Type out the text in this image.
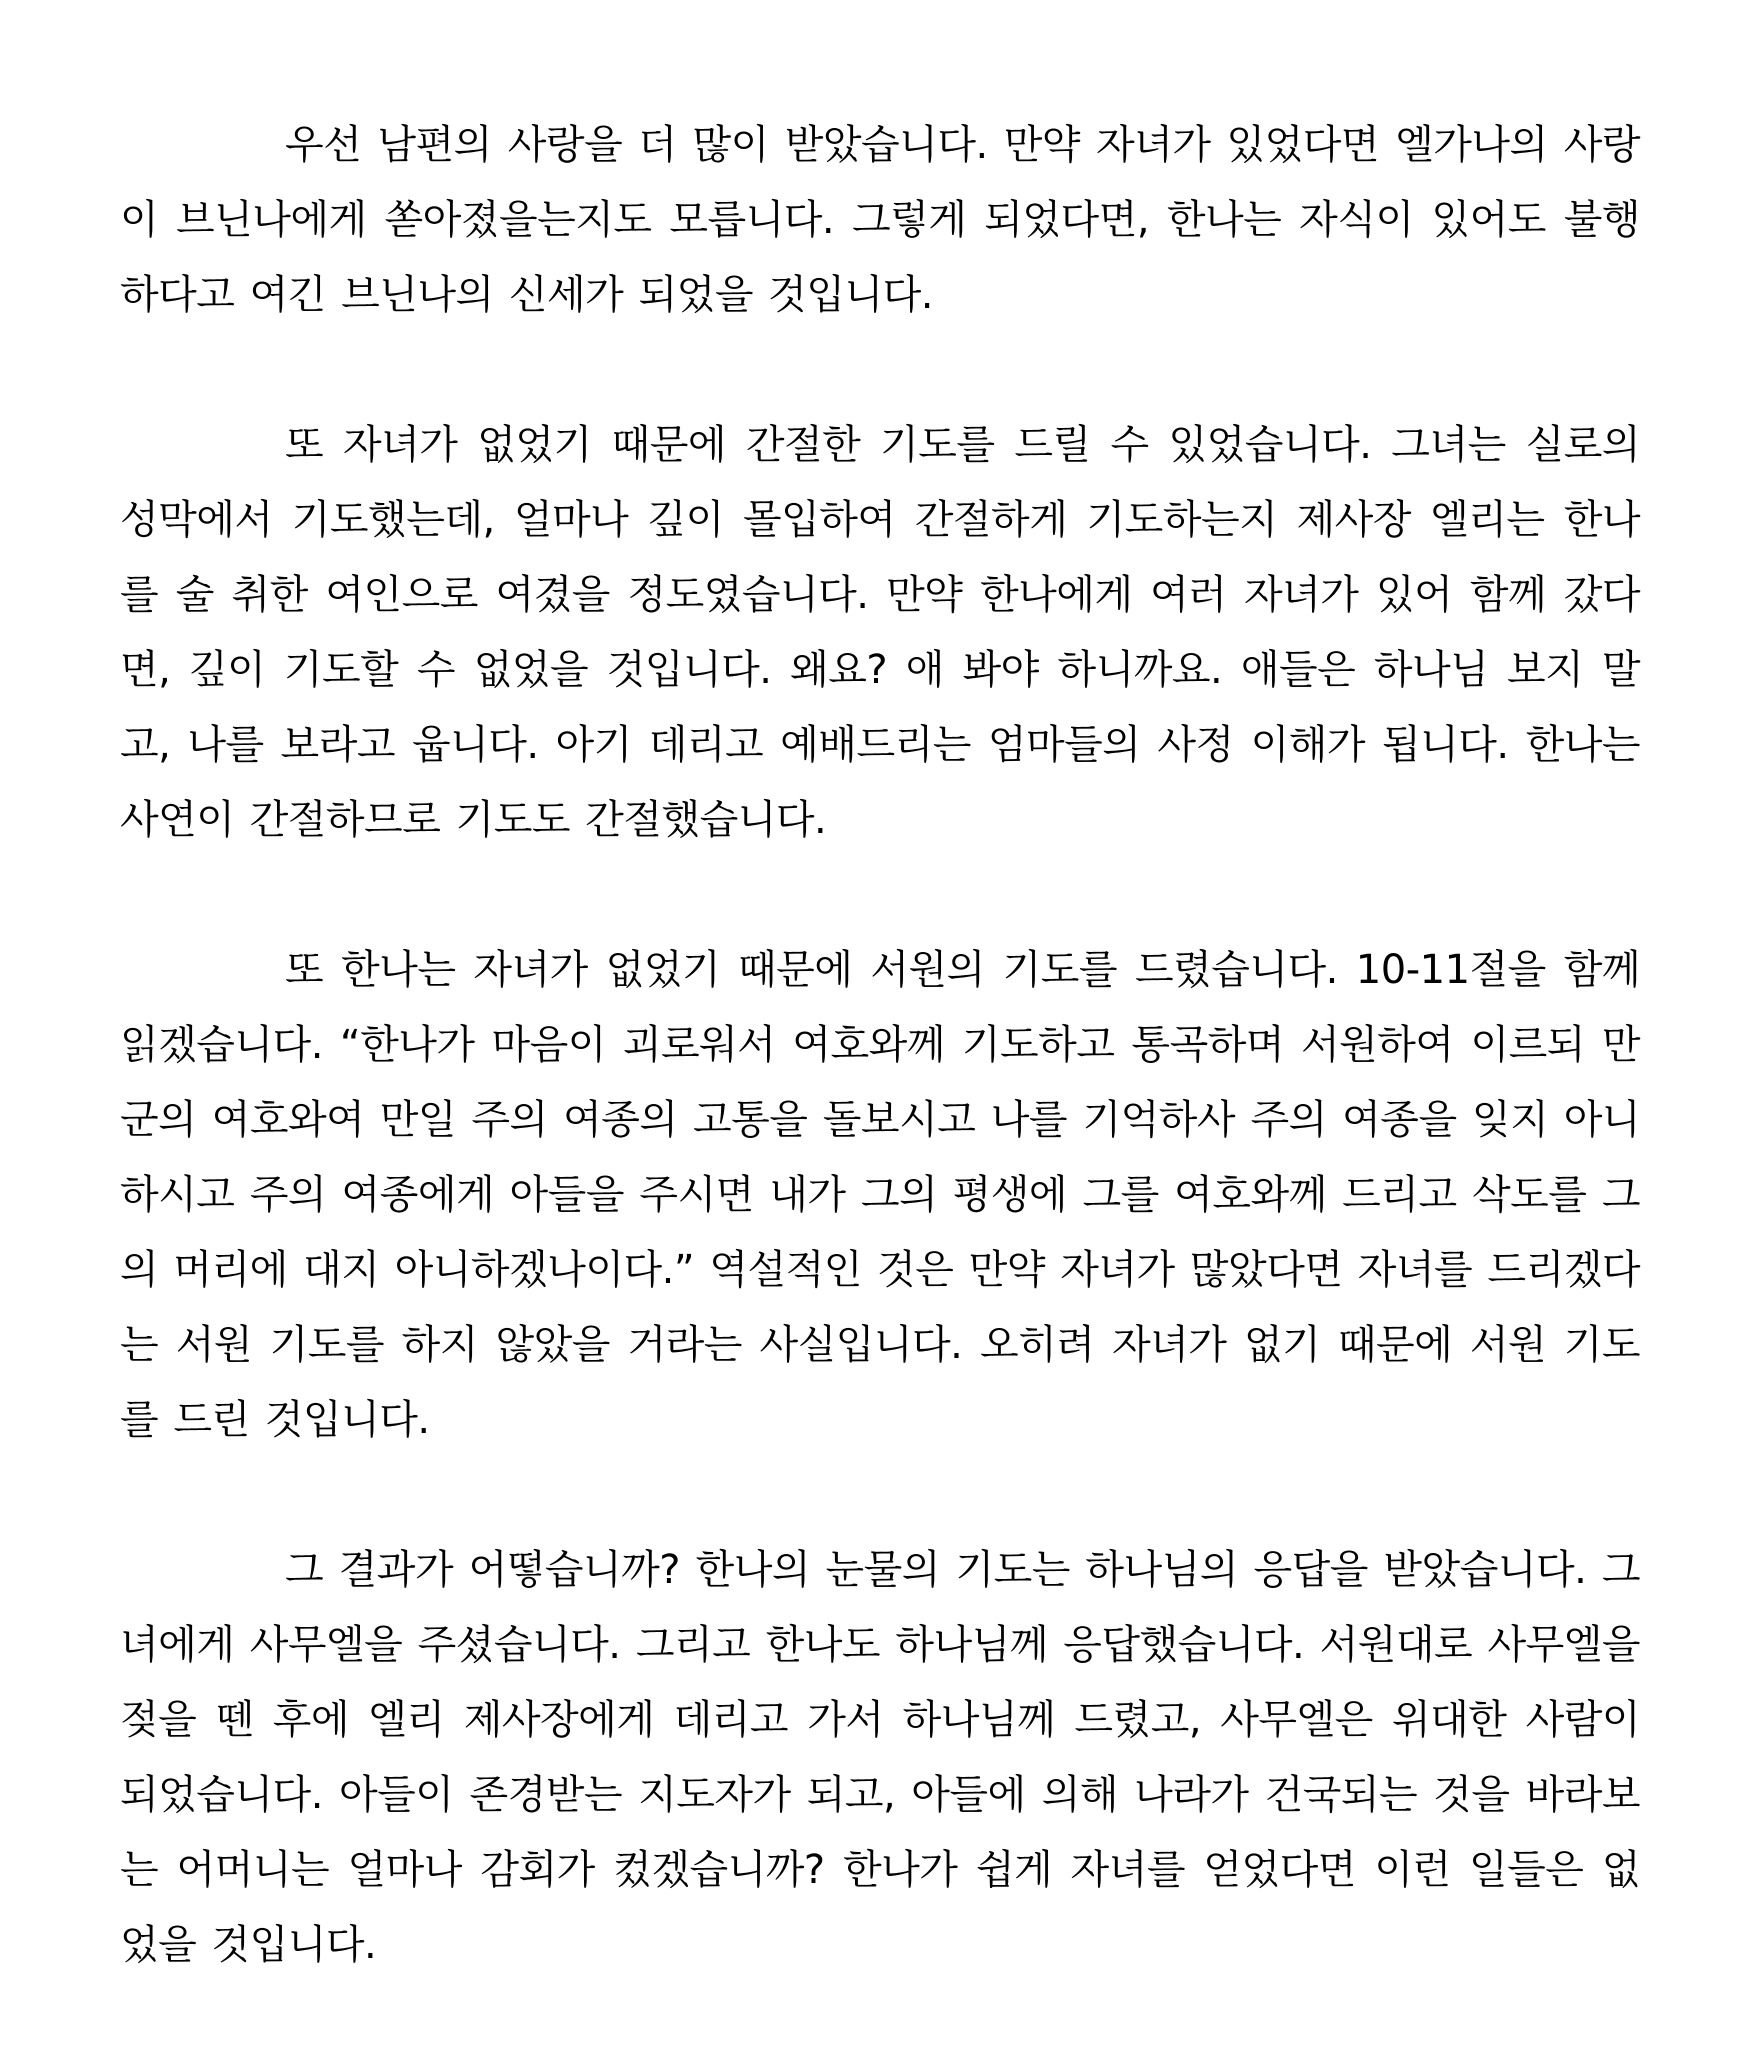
우선 남편의 사랑을 더 많이 받았습니다. 만약 자녀가 있었다면 엘가나의 사랑이 브닌나에게 쏟아졌을는지도 모릅니다. 그렇게 되었다면, 한나는 자식이 있어도 불행하다고 여긴 브닌나의 신세가 되었을 것입니다.

또 자녀가 없었기 때문에 간절한 기도를 드릴 수 있었습니다. 그녀는 실로의 성막에서 기도했는데, 얼마나 깊이 몰입하여 간절하게 기도하는지 제사장 엘리는 한나를 술 취한 여인으로 여겼을 정도였습니다. 만약 한나에게 여러 자녀가 있어 함께 갔다면, 깊이 기도할 수 없었을 것입니다. 왜요? 애 봐야 하니까요. 애들은 하나님 보지 말고, 나를 보라고 웁니다. 아기 데리고 예배드리는 엄마들의 사정 이해가 됩니다. 한나는 사연이 간절하므로 기도도 간절했습니다.

또 한나는 자녀가 없었기 때문에 서원의 기도를 드렸습니다. 10-11절을 함께 읽겠습니다. “한나가 마음이 괴로워서 여호와께 기도하고 통곡하며 서원하여 이르되 만군의 여호와여 만일 주의 여종의 고통을 돌보시고 나를 기억하사 주의 여종을 잊지 아니하시고 주의 여종에게 아들을 주시면 내가 그의 평생에 그를 여호와께 드리고 삭도를 그의 머리에 대지 아니하겠나이다.” 역설적인 것은 만약 자녀가 많았다면 자녀를 드리겠다는 서원 기도를 하지 않았을 거라는 사실입니다. 오히려 자녀가 없기 때문에 서원 기도를 드린 것입니다.

그 결과가 어떻습니까? 한나의 눈물의 기도는 하나님의 응답을 받았습니다. 그녀에게 사무엘을 주셨습니다. 그리고 한나도 하나님께 응답했습니다. 서원대로 사무엘을 젖을 뗀 후에 엘리 제사장에게 데리고 가서 하나님께 드렸고, 사무엘은 위대한 사람이 되었습니다. 아들이 존경받는 지도자가 되고, 아들에 의해 나라가 건국되는 것을 바라보는 어머니는 얼마나 감회가 컸겠습니까? 한나가 쉽게 자녀를 얻었다면 이런 일들은 없었을 것입니다.
